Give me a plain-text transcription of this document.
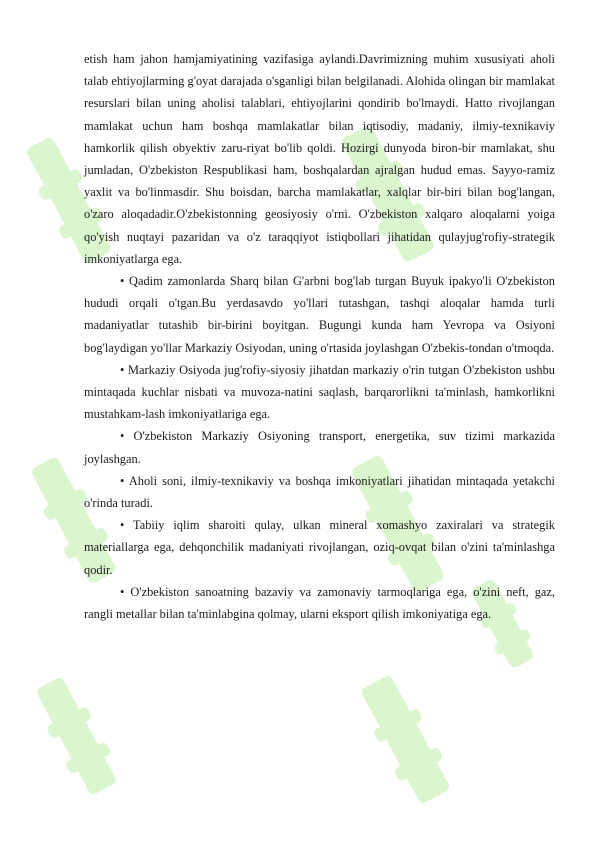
etish ham jahon hamjamiyatining vazifasiga aylandi.Davrimizning muhim xususiyati aholi talab ehtiyojlarming g'oyat darajada o'sganligi bilan belgilanadi. Alohida olingan bir mamlakat resurslari bilan uning aholisi talablari, ehtiyojlarini qondirib bo'lmaydi. Hatto rivojlangan mamlakat uchun ham boshqa mamlakatlar bilan iqtisodiy, madaniy, ilmiy-texnikaviy hamkorlik qilish obyektiv zaru-riyat bo'lib qoldi. Hozirgi dunyoda biron-bir mamlakat, shu jumladan, O'zbekiston Respublikasi ham, boshqalardan ajralgan hudud emas. Sayyo-ramiz yaxlit va bo'linmasdir. Shu boisdan, barcha mamlakatlar, xalqlar bir-biri bilan bog'langan, o'zaro aloqadadir.O'zbekistonning geosiyosiy o'rni. O'zbekiston xalqaro aloqalarni yoiga qo'yish nuqtayi pazaridan va o'z taraqqiyot istiqbollari jihatidan qulayjug'rofiy-strategik imkoniyatlarga ega.

• Qadim zamonlarda Sharq bilan G'arbni bog'lab turgan Buyuk ipakyo'li O'zbekiston hududi orqali o'tgan.Bu yerdasavdo yo'llari tutashgan, tashqi aloqalar hamda turli madaniyatlar tutashib bir-birini boyitgan. Bugungi kunda ham Yevropa va Osiyoni bog'laydigan yo'llar Markaziy Osiyodan, uning o'rtasida joylashgan O'zbekis-tondan o'tmoqda.

• Markaziy Osiyoda jug'rofiy-siyosiy jihatdan markaziy o'rin tutgan O'zbekiston ushbu mintaqada kuchlar nisbati va muvoza-natini saqlash, barqarorlikni ta'minlash, hamkorlikni mustahkam-lash imkoniyatlariga ega.

• O'zbekiston Markaziy Osiyoning transport, energetika, suv tizimi markazida joylashgan.

• Aholi soni, ilmiy-texnikaviy va boshqa imkoniyatlari jihatidan mintaqada yetakchi o'rinda turadi.

• Tabiiy iqlim sharoiti qulay, ulkan mineral xomashyo zaxiralari va strategik materiallarga ega, dehqonchilik madaniyati rivojlangan, oziq-ovqat bilan o'zini ta'minlashga qodir.

• O'zbekiston sanoatning bazaviy va zamonaviy tarmoqlariga ega, o'zini neft, gaz, rangli metallar bilan ta'minlabgina qolmay, ularni eksport qilish imkoniyatiga ega.
